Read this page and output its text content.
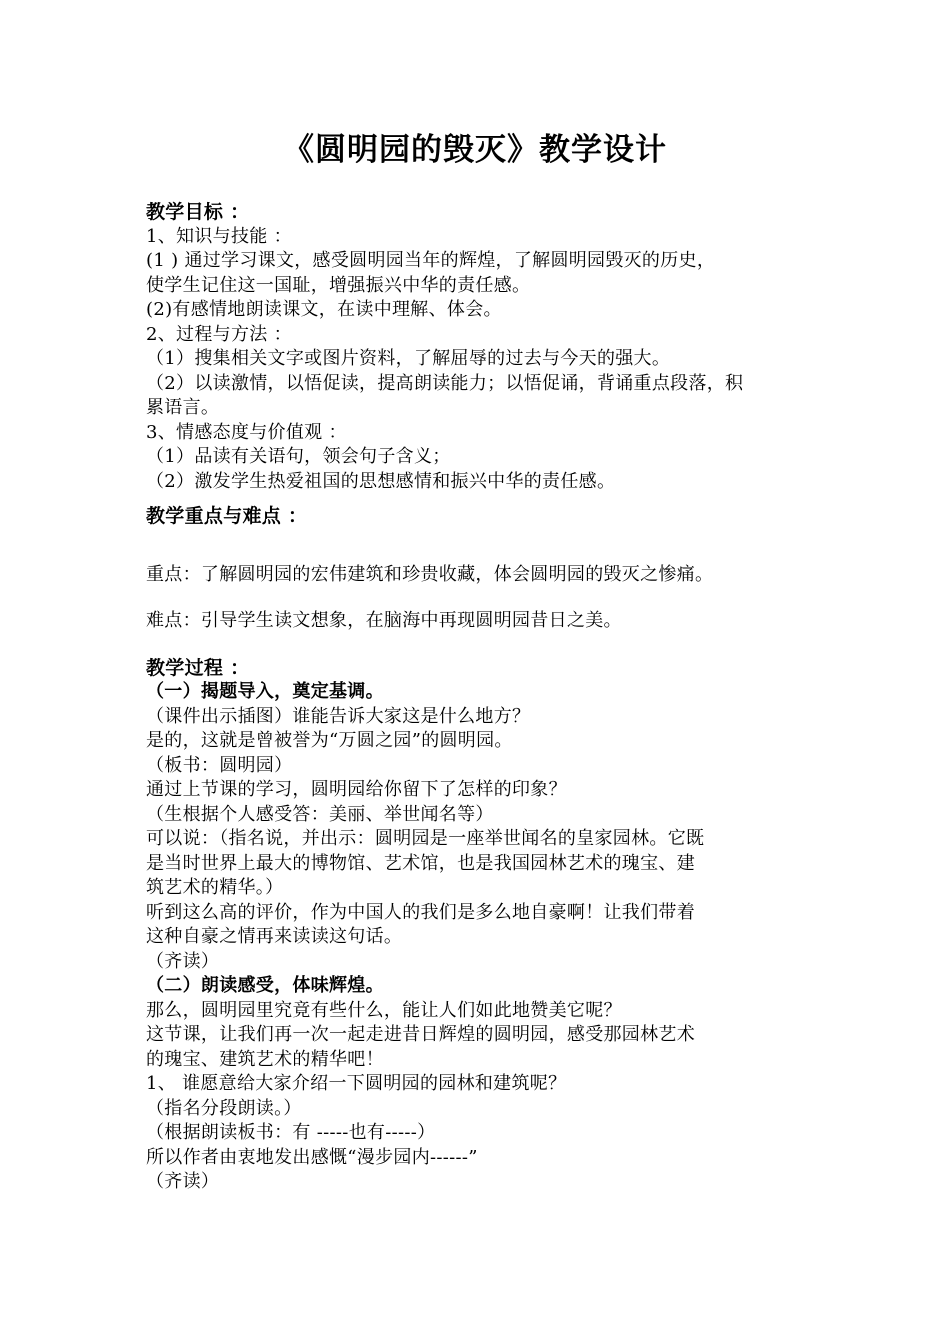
《圆明园的毁灭》教学设计
教学目标 ：
1、知识与技能 ：
(1 ) 通过学习课文，感受圆明园当年的辉煌，了解圆明园毁灭的历史，
使学生记住这一国耻，增强振兴中华的责任感。
(2)有感情地朗读课文，在读中理解、体会。
2、过程与方法 ：
（1）搜集相关文字或图片资料，了解屈辱的过去与今天的强大。
（2）以读激情，以悟促读，提高朗读能力；以悟促诵，背诵重点段落，积
累语言。
3、情感态度与价值观 ：
（1）品读有关语句，领会句子含义；
（2）激发学生热爱祖国的思想感情和振兴中华的责任感。
教学重点与难点 ：
重点：了解圆明园的宏伟建筑和珍贵收藏，体会圆明园的毁灭之惨痛。
难点：引导学生读文想象，在脑海中再现圆明园昔日之美。
教学过程 ：
（一）揭题导入，奠定基调。
（课件出示插图）谁能告诉大家这是什么地方？
是的，这就是曾被誉为“万圆之园”的圆明园。
（板书：圆明园）
通过上节课的学习，圆明园给你留下了怎样的印象？
（生根据个人感受答：美丽、举世闻名等）
可以说：（指名说，并出示：圆明园是一座举世闻名的皇家园林。它既
是当时世界上最大的博物馆、艺术馆，也是我国园林艺术的瑰宝、建
筑艺术的精华。）
听到这么高的评价，作为中国人的我们是多么地自豪啊！让我们带着
这种自豪之情再来读读这句话。
（齐读）
（二）朗读感受，体味辉煌。
那么，圆明园里究竟有些什么，能让人们如此地赞美它呢？
这节课，让我们再一次一起走进昔日辉煌的圆明园，感受那园林艺术
的瑰宝、建筑艺术的精华吧！
1、 谁愿意给大家介绍一下圆明园的园林和建筑呢？
（指名分段朗读。）
（根据朗读板书：有 -----也有-----）
所以作者由衷地发出感慨“漫步园内------”
（齐读）
